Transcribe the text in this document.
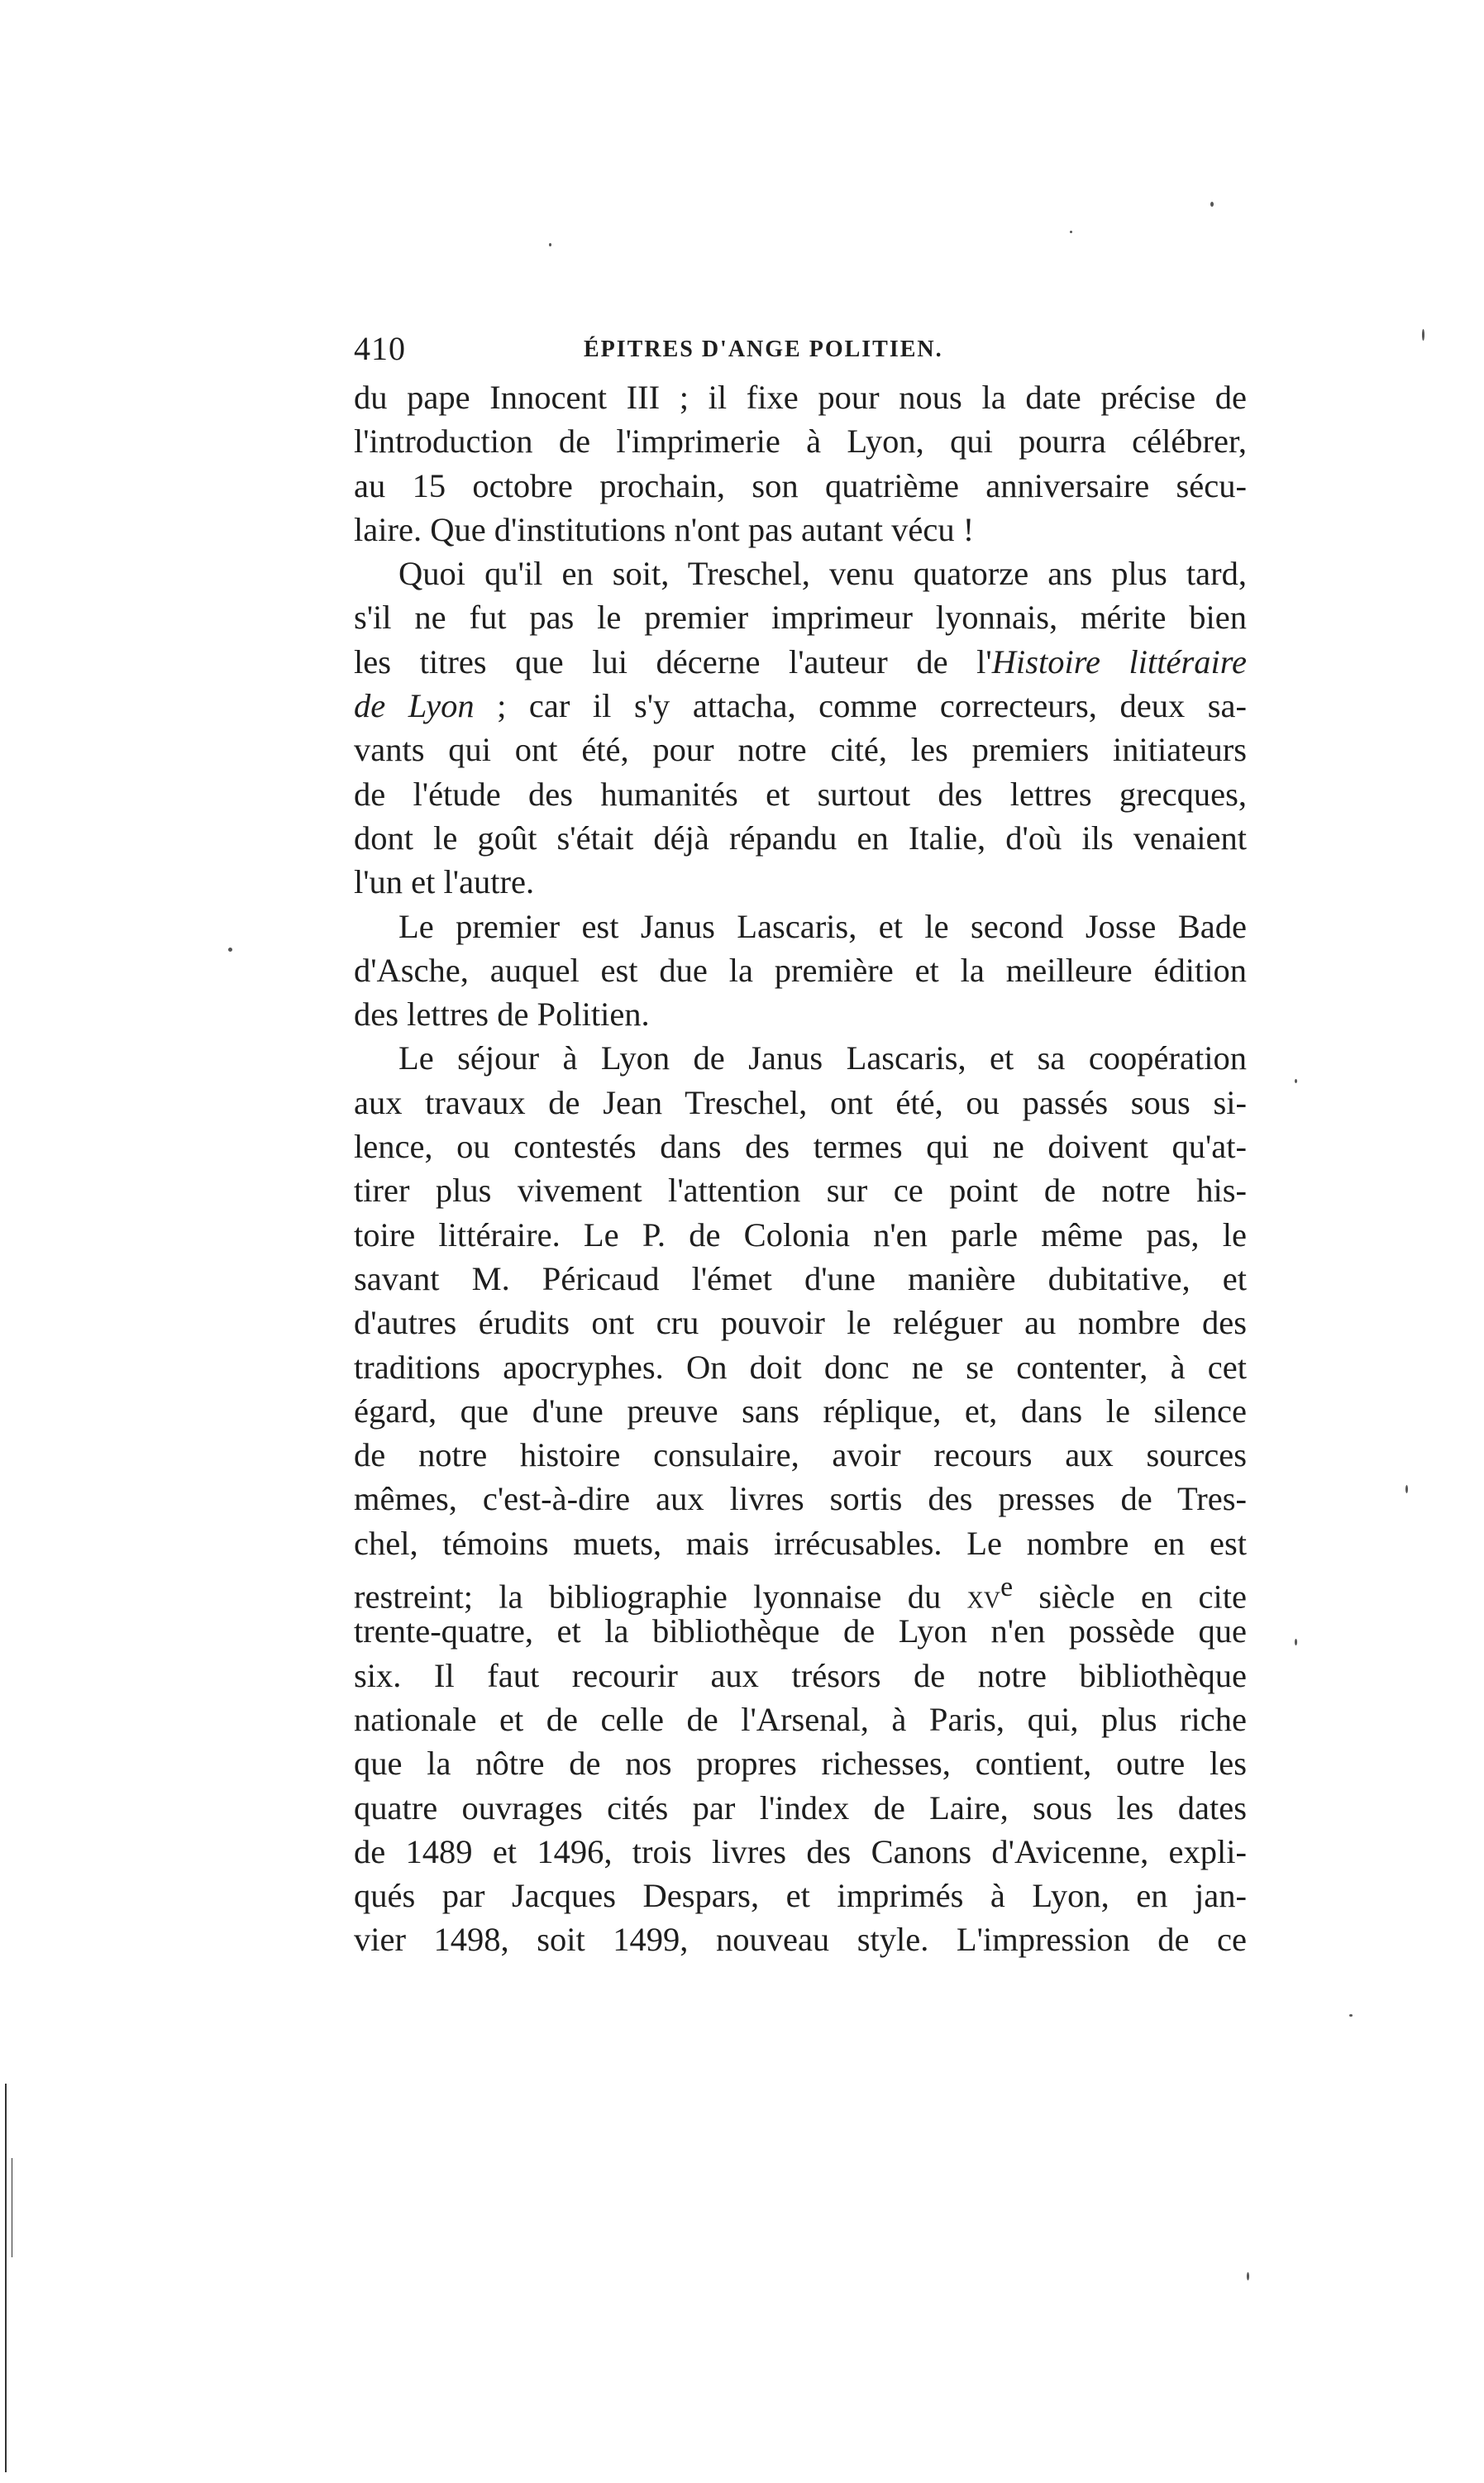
410	ÉPITRES D'ANGE POLITIEN.
du pape Innocent III ; il fixe pour nous la date précise de
l'introduction de l'imprimerie à Lyon, qui pourra célébrer,
au 15 octobre prochain, son quatrième anniversaire sécu-
laire. Que d'institutions n'ont pas autant vécu !
Quoi qu'il en soit, Treschel, venu quatorze ans plus tard,
s'il ne fut pas le premier imprimeur lyonnais, mérite bien
les titres que lui décerne l'auteur de l'Histoire littéraire
de Lyon ; car il s'y attacha, comme correcteurs, deux sa-
vants qui ont été, pour notre cité, les premiers initiateurs
de l'étude des humanités et surtout des lettres grecques,
dont le goût s'était déjà répandu en Italie, d'où ils venaient
l'un et l'autre.
Le premier est Janus Lascaris, et le second Josse Bade
d'Asche, auquel est due la première et la meilleure édition
des lettres de Politien.
Le séjour à Lyon de Janus Lascaris, et sa coopération
aux travaux de Jean Treschel, ont été, ou passés sous si-
lence, ou contestés dans des termes qui ne doivent qu'at-
tirer plus vivement l'attention sur ce point de notre his-
toire littéraire. Le P. de Colonia n'en parle même pas, le
savant M. Péricaud l'émet d'une manière dubitative, et
d'autres érudits ont cru pouvoir le reléguer au nombre des
traditions apocryphes. On doit donc ne se contenter, à cet
égard, que d'une preuve sans réplique, et, dans le silence
de notre histoire consulaire, avoir recours aux sources
mêmes, c'est-à-dire aux livres sortis des presses de Tres-
chel, témoins muets, mais irrécusables. Le nombre en est
restreint; la bibliographie lyonnaise du $xv^e$ siècle en cite
trente-quatre, et la bibliothèque de Lyon n'en possède que
six. Il faut recourir aux trésors de notre bibliothèque
nationale et de celle de l'Arsenal, à Paris, qui, plus riche
que la nôtre de nos propres richesses, contient, outre les
quatre ouvrages cités par l'index de Laire, sous les dates
de 1489 et 1496, trois livres des Canons d'Avicenne, expli-
qués par Jacques Despars, et imprimés à Lyon, en jan-
vier 1498, soit 1499, nouveau style. L'impression de ce
